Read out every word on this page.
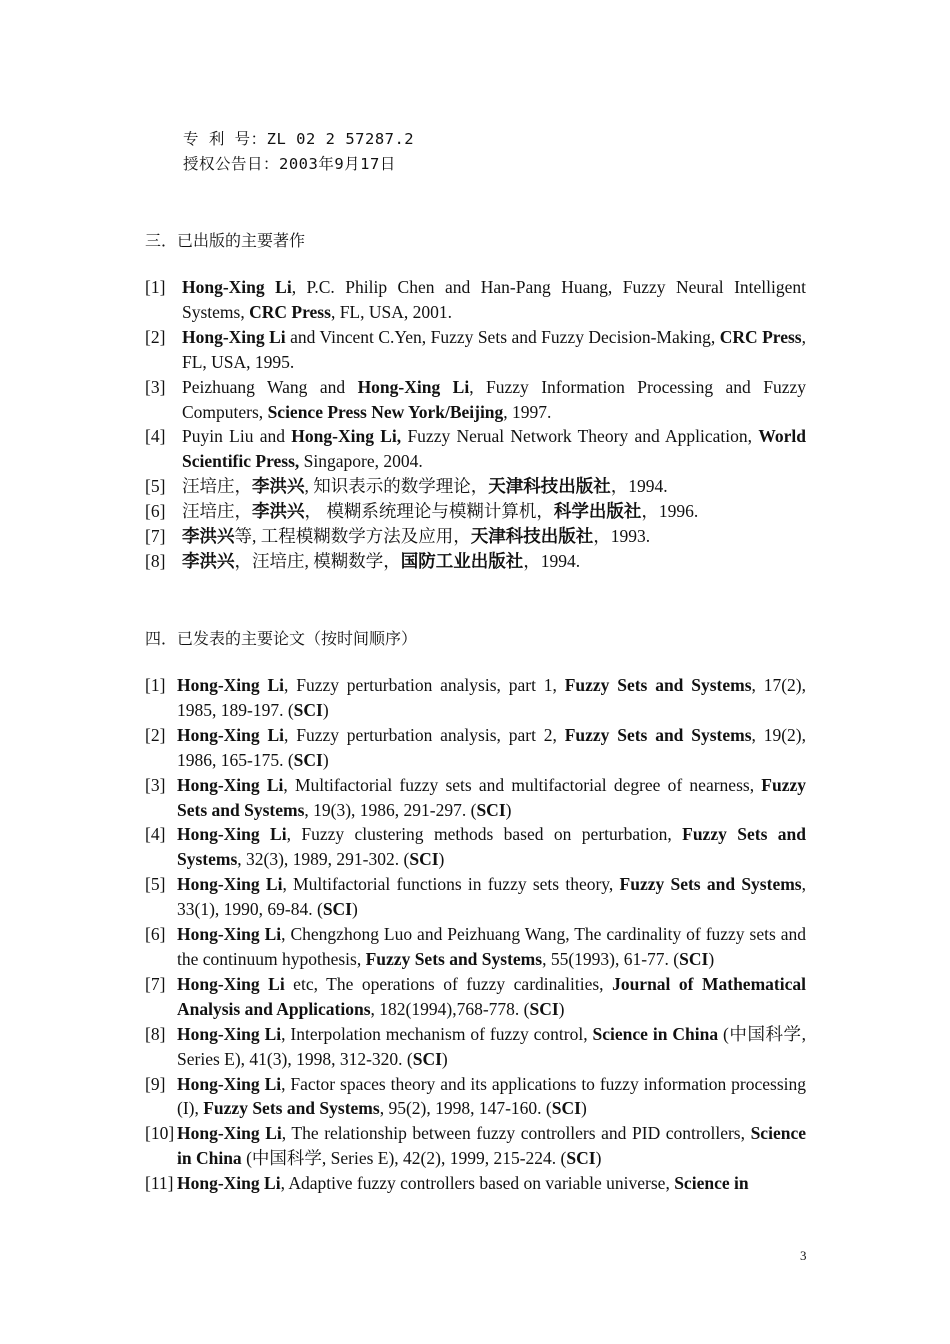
专 利 号：ZL 02 2 57287.2
授权公告日：2003年9月17日
三．已出版的主要著作
[1] Hong-Xing Li, P.C. Philip Chen and Han-Pang Huang, Fuzzy Neural Intelligent Systems, CRC Press, FL, USA, 2001.
[2] Hong-Xing Li and Vincent C.Yen, Fuzzy Sets and Fuzzy Decision-Making, CRC Press, FL, USA, 1995.
[3] Peizhuang Wang and Hong-Xing Li, Fuzzy Information Processing and Fuzzy Computers, Science Press New York/Beijing, 1997.
[4] Puyin Liu and Hong-Xing Li, Fuzzy Nerual Network Theory and Application, World Scientific Press, Singapore, 2004.
[5] 汪培庄，李洪兴, 知识表示的数学理论，天津科技出版社，1994.
[6] 汪培庄，李洪兴， 模糊系统理论与模糊计算机，科学出版社，1996.
[7] 李洪兴等, 工程模糊数学方法及应用，天津科技出版社，1993.
[8] 李洪兴，汪培庄, 模糊数学，国防工业出版社，1994.
四．已发表的主要论文（按时间顺序）
[1] Hong-Xing Li, Fuzzy perturbation analysis, part 1, Fuzzy Sets and Systems, 17(2), 1985, 189-197. (SCI)
[2] Hong-Xing Li, Fuzzy perturbation analysis, part 2, Fuzzy Sets and Systems, 19(2), 1986, 165-175. (SCI)
[3] Hong-Xing Li, Multifactorial fuzzy sets and multifactorial degree of nearness, Fuzzy Sets and Systems, 19(3), 1986, 291-297. (SCI)
[4] Hong-Xing Li, Fuzzy clustering methods based on perturbation, Fuzzy Sets and Systems, 32(3), 1989, 291-302. (SCI)
[5] Hong-Xing Li, Multifactorial functions in fuzzy sets theory, Fuzzy Sets and Systems, 33(1), 1990, 69-84. (SCI)
[6] Hong-Xing Li, Chengzhong Luo and Peizhuang Wang, The cardinality of fuzzy sets and the continuum hypothesis, Fuzzy Sets and Systems, 55(1993), 61-77. (SCI)
[7] Hong-Xing Li etc, The operations of fuzzy cardinalities, Journal of Mathematical Analysis and Applications, 182(1994),768-778. (SCI)
[8] Hong-Xing Li, Interpolation mechanism of fuzzy control, Science in China (中国科学, Series E), 41(3), 1998, 312-320. (SCI)
[9] Hong-Xing Li, Factor spaces theory and its applications to fuzzy information processing (I), Fuzzy Sets and Systems, 95(2), 1998, 147-160. (SCI)
[10] Hong-Xing Li, The relationship between fuzzy controllers and PID controllers, Science in China (中国科学, Series E), 42(2), 1999, 215-224. (SCI)
[11] Hong-Xing Li, Adaptive fuzzy controllers based on variable universe, Science in
3
